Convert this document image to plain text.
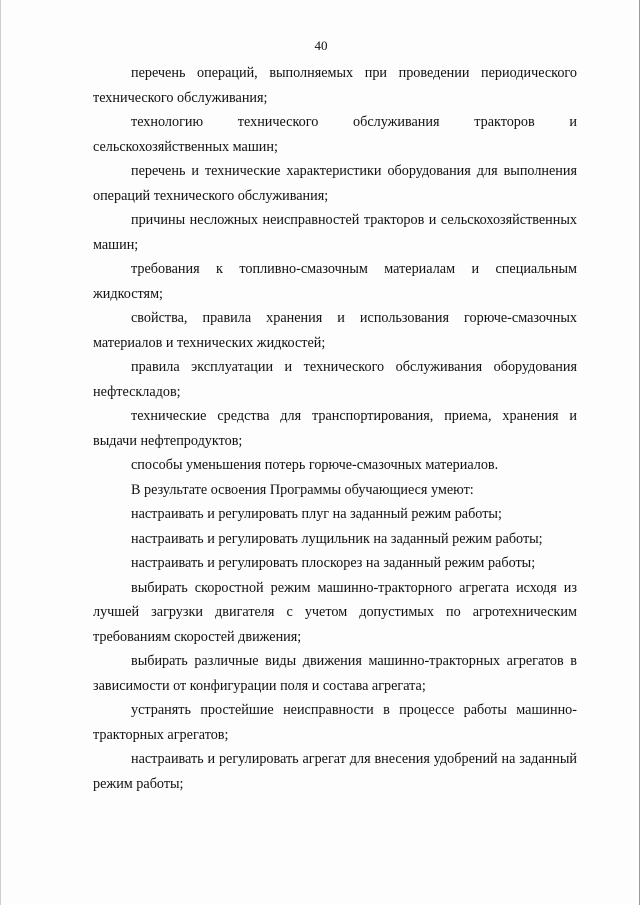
40

перечень операций, выполняемых при проведении периодического технического обслуживания;

технологию технического обслуживания тракторов и сельскохозяйственных машин;

перечень и технические характеристики оборудования для выполнения операций технического обслуживания;

причины несложных неисправностей тракторов и сельскохозяйственных машин;

требования к топливно-смазочным материалам и специальным жидкостям;

свойства, правила хранения и использования горюче-смазочных материалов и технических жидкостей;

правила эксплуатации и технического обслуживания оборудования нефтескладов;

технические средства для транспортирования, приема, хранения и выдачи нефтепродуктов;

способы уменьшения потерь горюче-смазочных материалов.

В результате освоения Программы обучающиеся умеют:

настраивать и регулировать плуг на заданный режим работы;

настраивать и регулировать лущильник на заданный режим работы;

настраивать и регулировать плоскорез на заданный режим работы;

выбирать скоростной режим машинно-тракторного агрегата исходя из лучшей загрузки двигателя с учетом допустимых по агротехническим требованиям скоростей движения;

выбирать различные виды движения машинно-тракторных агрегатов в зависимости от конфигурации поля и состава агрегата;

устранять простейшие неисправности в процессе работы машинно-тракторных агрегатов;

настраивать и регулировать агрегат для внесения удобрений на заданный режим работы;
